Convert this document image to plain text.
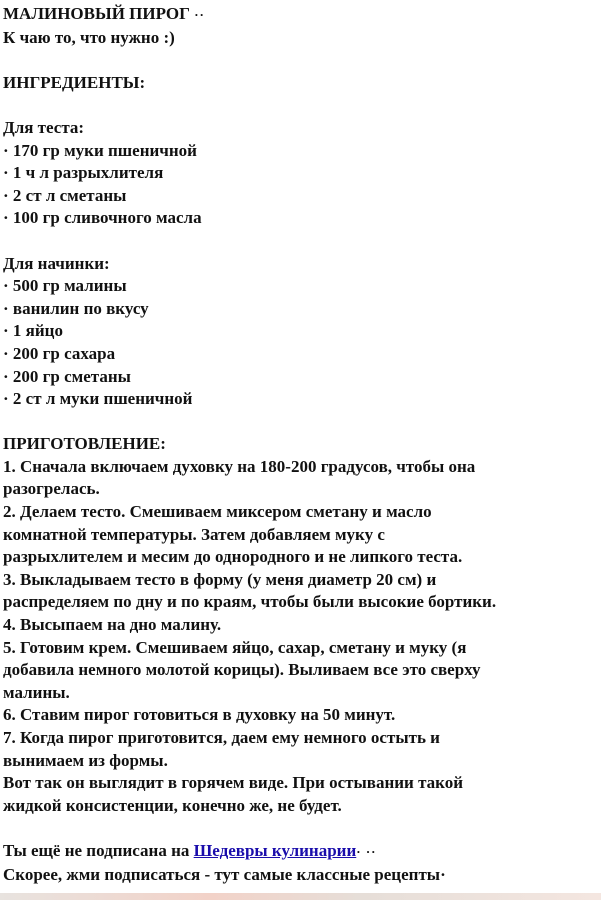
МАЛИНОВЫЙ ПИРОГ ··
К чаю то, что нужно :)
ИНГРЕДИЕНТЫ:
Для теста:
· 170 гр муки пшеничной
· 1 ч л разрыхлителя
· 2 ст л сметаны
· 100 гр сливочного масла
Для начинки:
· 500 гр малины
· ванилин по вкусу
· 1 яйцо
· 200 гр сахара
· 200 гр сметаны
· 2 ст л муки пшеничной
ПРИГОТОВЛЕНИЕ:
1. Сначала включаем духовку на 180-200 градусов, чтобы она
разогрелась.
2. Делаем тесто. Смешиваем миксером сметану и масло
комнатной температуры. Затем добавляем муку с
разрыхлителем и месим до однородного и не липкого теста.
3. Выкладываем тесто в форму (у меня диаметр 20 см) и
распределяем по дну и по краям, чтобы были высокие бортики.
4. Высыпаем на дно малину.
5. Готовим крем. Смешиваем яйцо, сахар, сметану и муку (я
добавила немного молотой корицы). Выливаем все это сверху
малины.
6. Ставим пирог готовиться в духовку на 50 минут.
7. Когда пирог приготовится, даем ему немного остыть и
вынимаем из формы.
Вот так он выглядит в горячем виде. При остывании такой
жидкой консистенции, конечно же, не будет.
Ты ещё не подписана на Шедевры кулинарии· ··
Скорее, жми подписаться - тут самые классные рецепты·
